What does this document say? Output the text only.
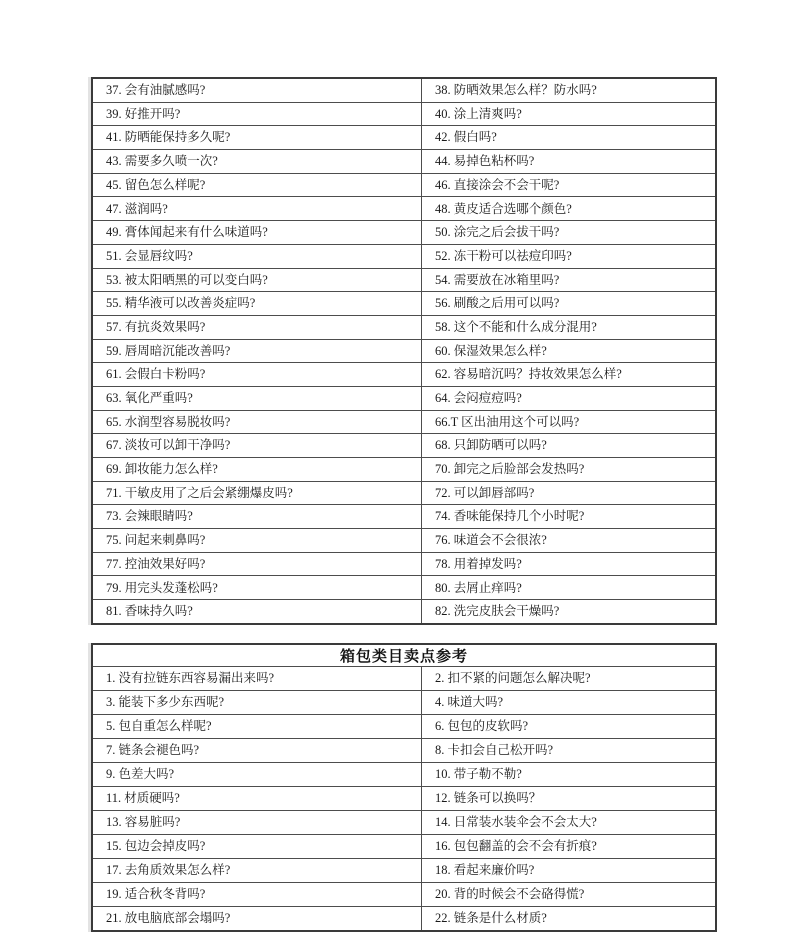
37. 会有油腻感吗?	38. 防晒效果怎么样？防水吗?
39. 好推开吗?	40. 涂上清爽吗?
41. 防晒能保持多久呢?	42. 假白吗?
43. 需要多久喷一次?	44. 易掉色粘杯吗?
45. 留色怎么样呢?	46. 直接涂会不会干呢?
47. 滋润吗?	48. 黄皮适合选哪个颜色?
49. 膏体闻起来有什么味道吗?	50. 涂完之后会拔干吗?
51. 会显唇纹吗?	52. 冻干粉可以祛痘印吗?
53. 被太阳晒黑的可以变白吗?	54. 需要放在冰箱里吗?
55. 精华液可以改善炎症吗?	56. 刷酸之后用可以吗?
57. 有抗炎效果吗?	58. 这个不能和什么成分混用?
59. 唇周暗沉能改善吗?	60. 保湿效果怎么样?
61. 会假白卡粉吗?	62. 容易暗沉吗？持妆效果怎么样?
63. 氧化严重吗?	64. 会闷痘痘吗?
65. 水润型容易脱妆吗?	66.T 区出油用这个可以吗?
67. 淡妆可以卸干净吗?	68. 只卸防晒可以吗?
69. 卸妆能力怎么样?	70. 卸完之后脸部会发热吗?
71. 干敏皮用了之后会紧绷爆皮吗?	72. 可以卸唇部吗?
73. 会辣眼睛吗?	74. 香味能保持几个小时呢?
75. 问起来刺鼻吗?	76. 味道会不会很浓?
77. 控油效果好吗?	78. 用着掉发吗?
79. 用完头发蓬松吗?	80. 去屑止痒吗?
81. 香味持久吗?	82. 洗完皮肤会干燥吗?
箱包类目卖点参考	
1. 没有拉链东西容易漏出来吗?	2. 扣不紧的问题怎么解决呢?
3. 能装下多少东西呢?	4. 味道大吗?
5. 包自重怎么样呢?	6. 包包的皮软吗?
7. 链条会褪色吗?	8. 卡扣会自己松开吗?
9. 色差大吗?	10. 带子勒不勒?
11. 材质硬吗?	12. 链条可以换吗？
13. 容易脏吗?	14. 日常装水装伞会不会太大?
15. 包边会掉皮吗?	16. 包包翻盖的会不会有折痕?
17. 去角质效果怎么样?	18. 看起来廉价吗?
19. 适合秋冬背吗?	20. 背的时候会不会硌得慌?
21. 放电脑底部会塌吗?	22. 链条是什么材质?
